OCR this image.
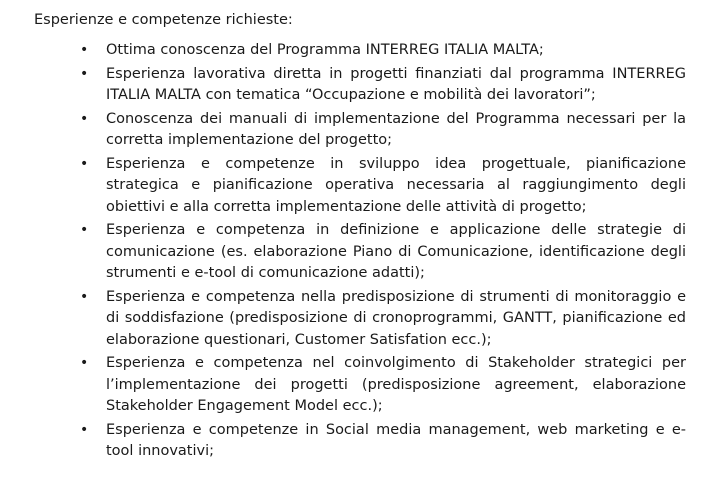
Esperienze e competenze richieste:
• Ottima conoscenza del Programma INTERREG ITALIA MALTA;
• Esperienza lavorativa diretta in progetti finanziati dal programma INTERREG ITALIA MALTA con tematica “Occupazione e mobilità dei lavoratori”;
• Conoscenza dei manuali di implementazione del Programma necessari per la corretta implementazione del progetto;
• Esperienza e competenze in sviluppo idea progettuale, pianificazione strategica e pianificazione operativa necessaria al raggiungimento degli obiettivi e alla corretta implementazione delle attività di progetto;
• Esperienza e competenza in definizione e applicazione delle strategie di comunicazione (es. elaborazione Piano di Comunicazione, identificazione degli strumenti e e-tool di comunicazione adatti);
• Esperienza e competenza nella predisposizione di strumenti di monitoraggio e di soddisfazione (predisposizione di cronoprogrammi, GANTT, pianificazione ed elaborazione questionari, Customer Satisfation ecc.);
• Esperienza e competenza nel coinvolgimento di Stakeholder strategici per l’implementazione dei progetti (predisposizione agreement, elaborazione Stakeholder Engagement Model ecc.);
• Esperienza e competenze in Social media management, web marketing e e-tool innovativi;
